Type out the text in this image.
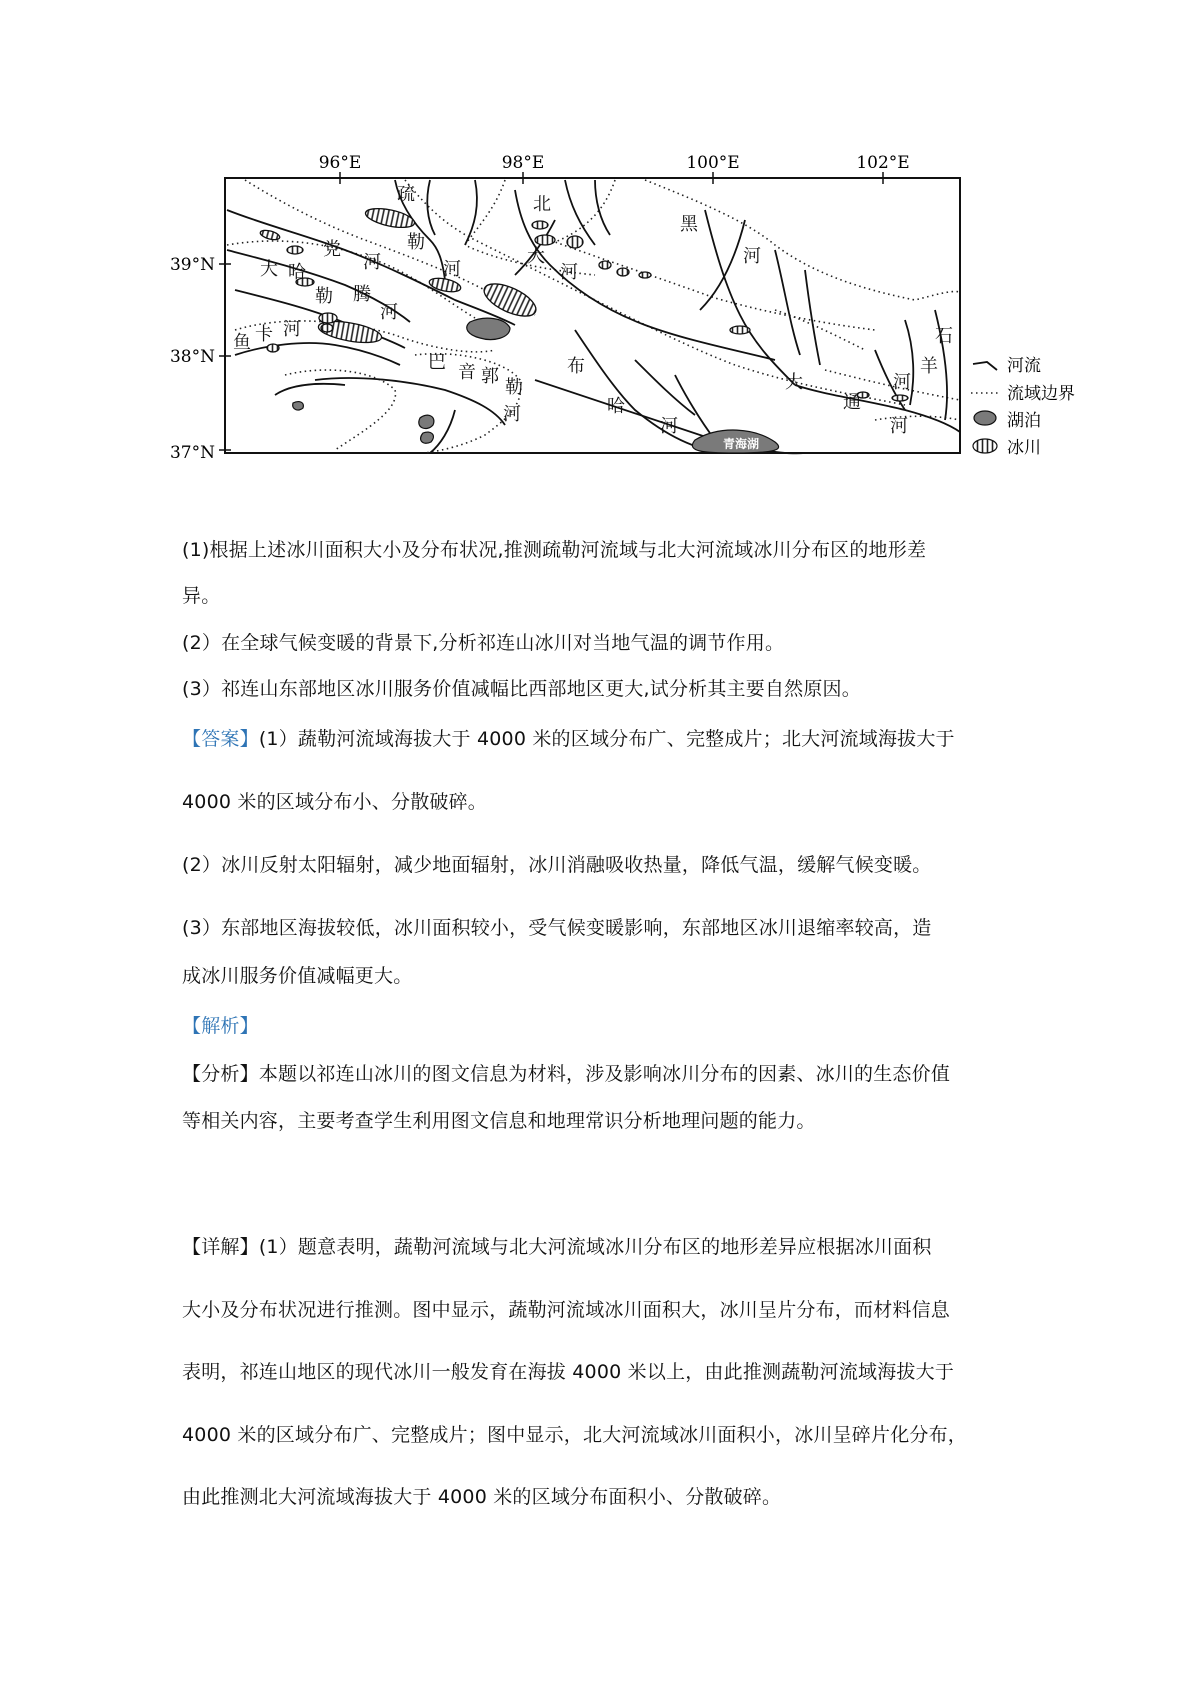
96°E	98°E	100°E	102°E
39°N
38°N
37°N
疏
勒
河
党
河
大 哈
勒 腾
河
鱼 卡 河
北
大
河
黑
河
巴 音 郭
勒
河
布
哈
河
大
通
河
石
羊
河
青海湖
河流
流域边界
湖泊
冰川
(1)根据上述冰川面积大小及分布状况,推测疏勒河流域与北大河流域冰川分布区的地形差
异。
(2）在全球气候变暖的背景下,分析祁连山冰川对当地气温的调节作用。
(3）祁连山东部地区冰川服务价值减幅比西部地区更大,试分析其主要自然原因。
【答案】(1）蔬勒河流域海拔大于 4000 米的区域分布广、完整成片；北大河流域海拔大于
4000 米的区域分布小、分散破碎。
(2）冰川反射太阳辐射，减少地面辐射，冰川消融吸收热量，降低气温，缓解气候变暖。
(3）东部地区海拔较低，冰川面积较小，受气候变暖影响，东部地区冰川退缩率较高，造
成冰川服务价值减幅更大。
【解析】
【分析】本题以祁连山冰川的图文信息为材料，涉及影响冰川分布的因素、冰川的生态价值
等相关内容，主要考查学生利用图文信息和地理常识分析地理问题的能力。
【详解】(1）题意表明，蔬勒河流域与北大河流域冰川分布区的地形差异应根据冰川面积
大小及分布状况进行推测。图中显示，蔬勒河流域冰川面积大，冰川呈片分布，而材料信息
表明，祁连山地区的现代冰川一般发育在海拔 4000 米以上，由此推测蔬勒河流域海拔大于
4000 米的区域分布广、完整成片；图中显示，北大河流域冰川面积小，冰川呈碎片化分布，
由此推测北大河流域海拔大于 4000 米的区域分布面积小、分散破碎。
